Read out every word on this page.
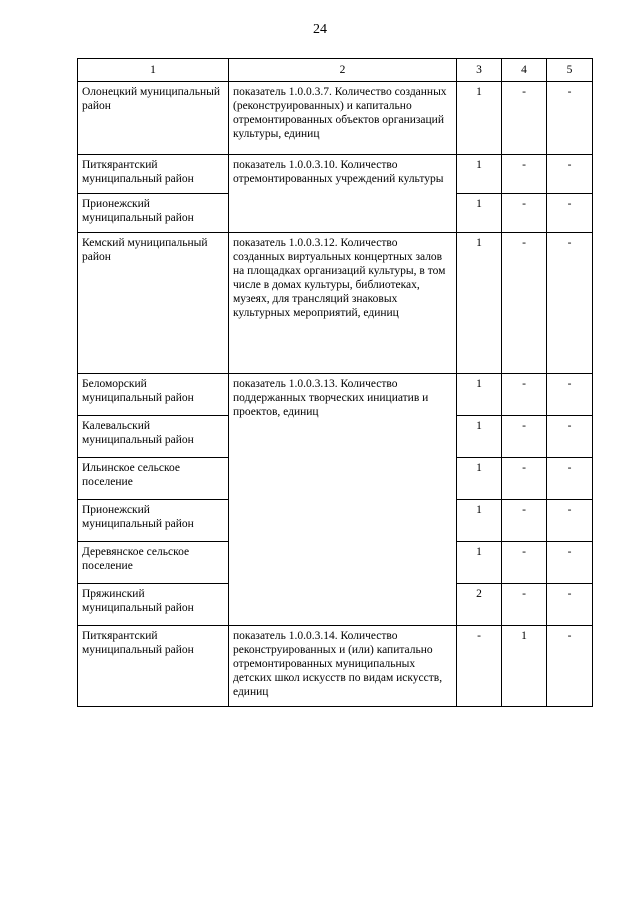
24
1	2	3	4	5
Олонецкий муниципальный район	показатель 1.0.0.3.7. Количество созданных (реконструированных) и капитально отремонтированных объектов организаций культуры, единиц	1	-	-
Питкярантский муниципальный район	показатель 1.0.0.3.10. Количество отремонтированных учреждений культуры	1	-	-
Прионежский муниципальный район		1	-	-
Кемский муниципальный район	показатель 1.0.0.3.12. Количество созданных виртуальных концертных залов на площадках организаций культуры, в том числе в домах культуры, библиотеках, музеях, для трансляций знаковых культурных мероприятий, единиц	1	-	-
Беломорский муниципальный район	показатель 1.0.0.3.13. Количество поддержанных творческих инициатив и проектов, единиц	1	-	-
Калевальский муниципальный район		1	-	-
Ильинское сельское поселение		1	-	-
Прионежский муниципальный район		1	-	-
Деревянское сельское поселение		1	-	-
Пряжинский муниципальный район		2	-	-
Питкярантский муниципальный район	показатель 1.0.0.3.14. Количество реконструированных и (или) капитально отремонтированных муниципальных детских школ искусств по видам искусств, единиц	-	1	-
